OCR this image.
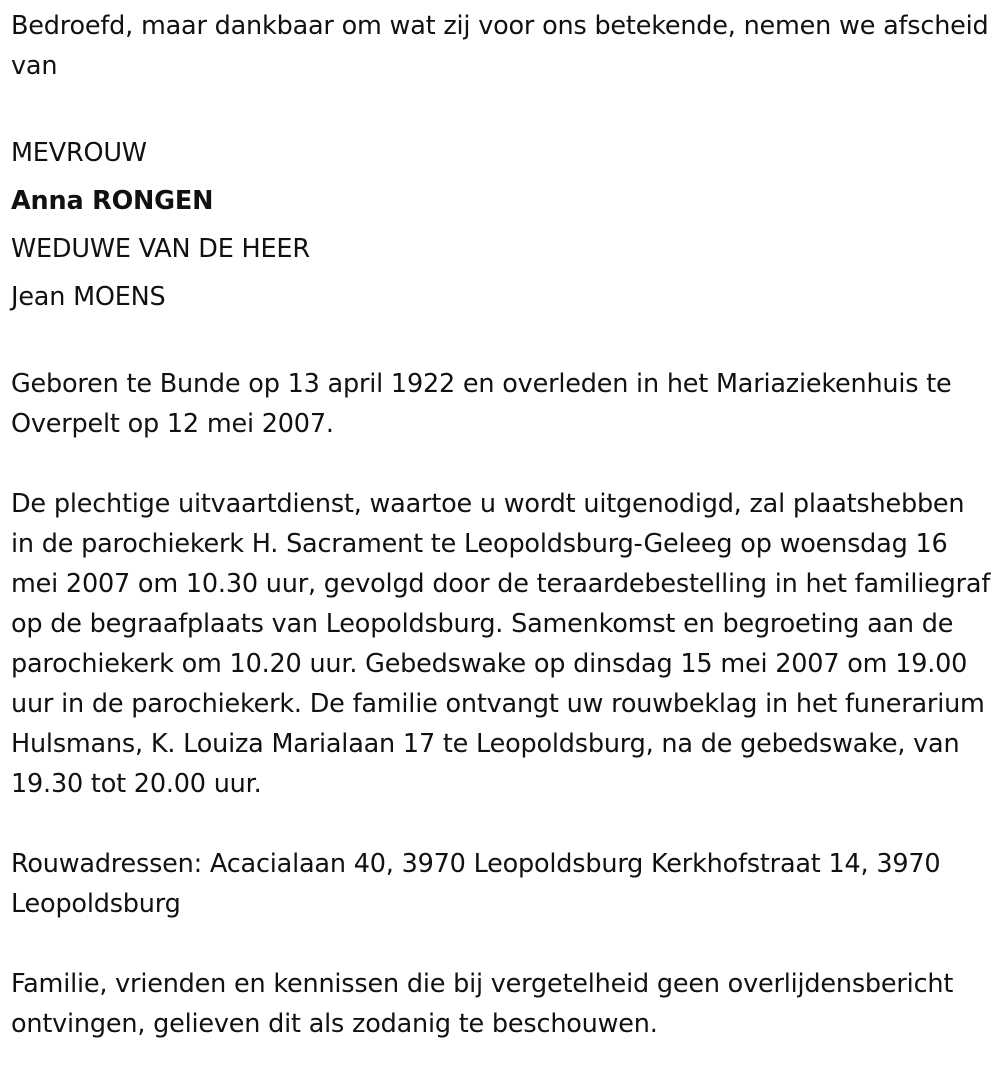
Bedroefd, maar dankbaar om wat zij voor ons betekende, nemen we afscheid van

MEVROUW

Anna RONGEN

WEDUWE VAN DE HEER

Jean MOENS

Geboren te Bunde op 13 april 1922 en overleden in het Mariaziekenhuis te Overpelt op 12 mei 2007.

De plechtige uitvaartdienst, waartoe u wordt uitgenodigd, zal plaatshebben in de parochiekerk H. Sacrament te Leopoldsburg-Geleeg op woensdag 16 mei 2007 om 10.30 uur, gevolgd door de teraardebestelling in het familiegraf op de begraafplaats van Leopoldsburg. Samenkomst en begroeting aan de parochiekerk om 10.20 uur. Gebedswake op dinsdag 15 mei 2007 om 19.00 uur in de parochiekerk. De familie ontvangt uw rouwbeklag in het funerarium Hulsmans, K. Louiza Marialaan 17 te Leopoldsburg, na de gebedswake, van 19.30 tot 20.00 uur.

Rouwadressen: Acacialaan 40, 3970 Leopoldsburg Kerkhofstraat 14, 3970 Leopoldsburg

Familie, vrienden en kennissen die bij vergetelheid geen overlijdensbericht ontvingen, gelieven dit als zodanig te beschouwen.
